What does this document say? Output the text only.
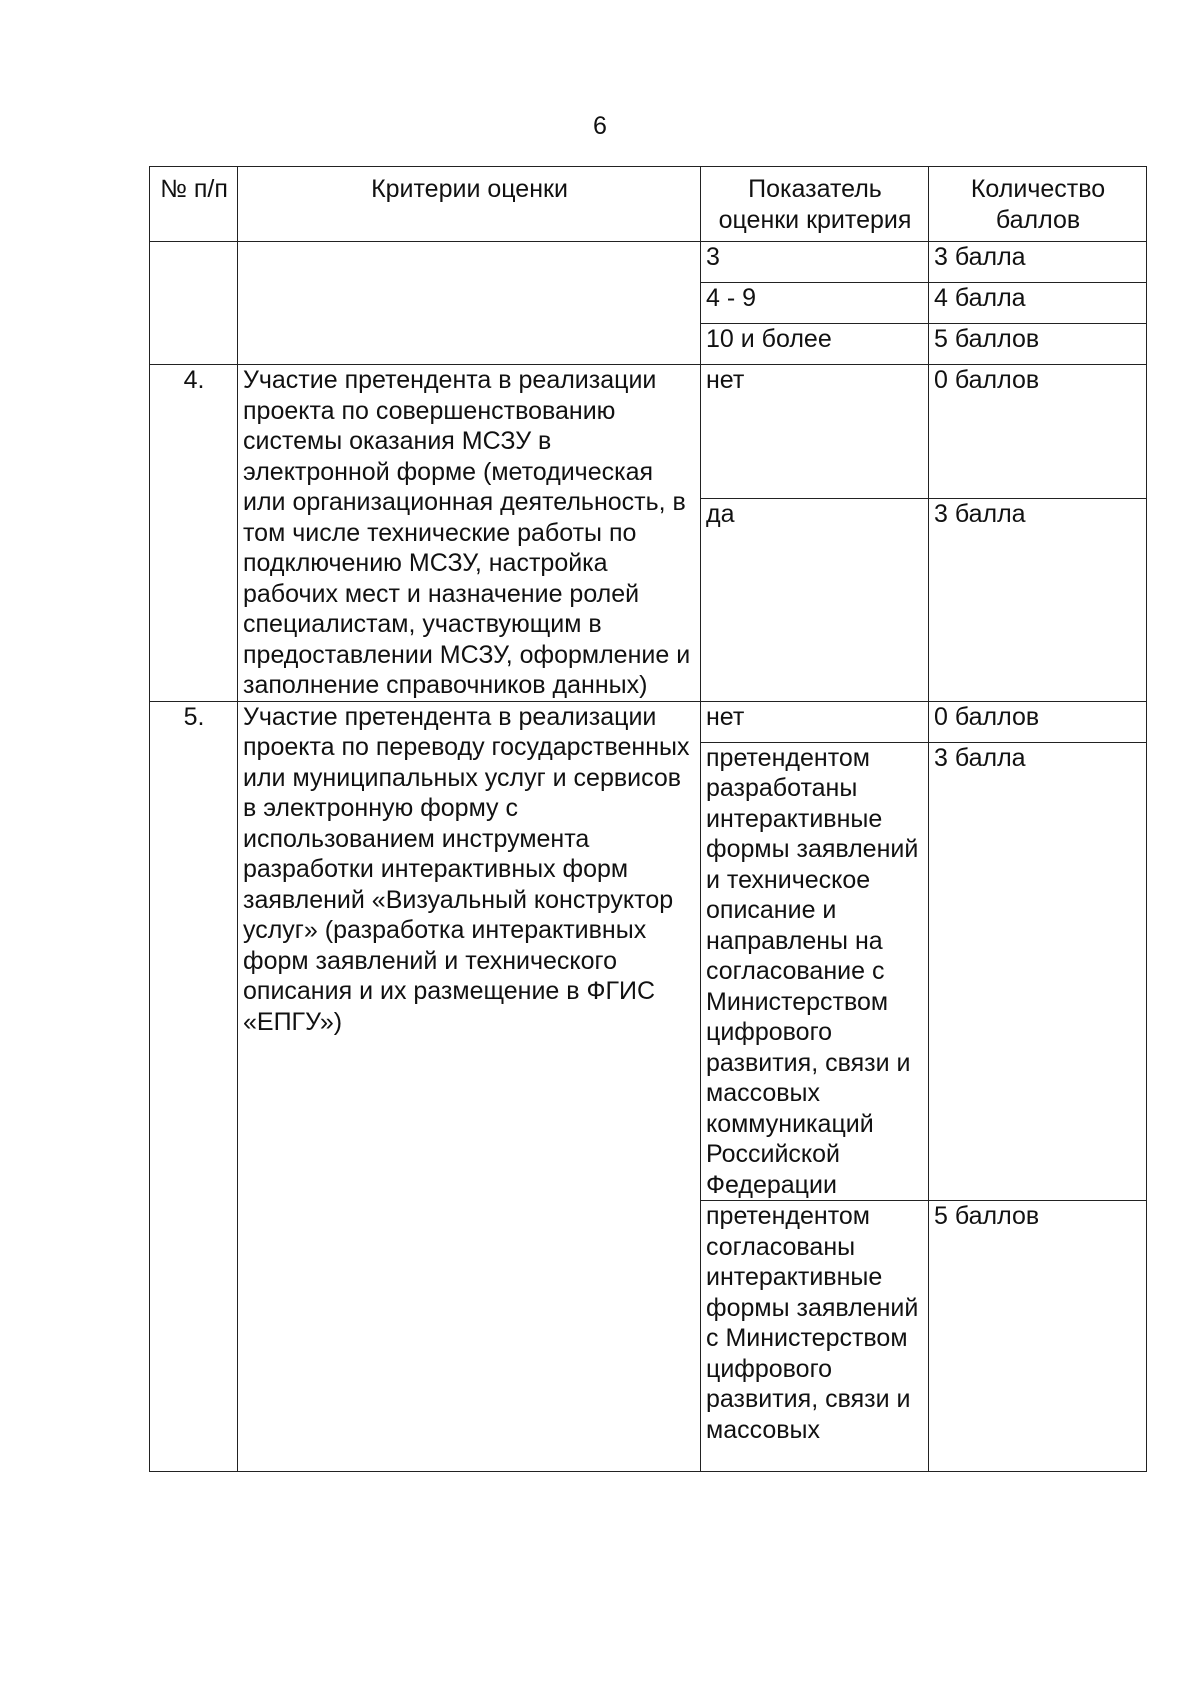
6
№ п/п	Критерии оценки	Показатель оценки критерия	Количество баллов
		3	3 балла
		4 - 9	4 балла
		10 и более	5 баллов
4.	Участие претендента в реализации проекта по совершенствованию системы оказания МСЗУ в электронной форме (методическая или организационная деятельность, в том числе технические работы по подключению МСЗУ, настройка рабочих мест и назначение ролей специалистам, участвующим в предоставлении МСЗУ, оформление и заполнение справочников данных)	нет	0 баллов
		да	3 балла
5.	Участие претендента в реализации проекта по переводу государственных или муниципальных услуг и сервисов в электронную форму с использованием инструмента разработки интерактивных форм заявлений «Визуальный конструктор услуг» (разработка интерактивных форм заявлений и технического описания и их размещение в ФГИС «ЕПГУ»)	нет	0 баллов
		претендентом разработаны интерактивные формы заявлений и техническое описание и направлены на согласование с Министерством цифрового развития, связи и массовых коммуникаций Российской Федерации	3 балла
		претендентом согласованы интерактивные формы заявлений с Министерством цифрового развития, связи и массовых	5 баллов
